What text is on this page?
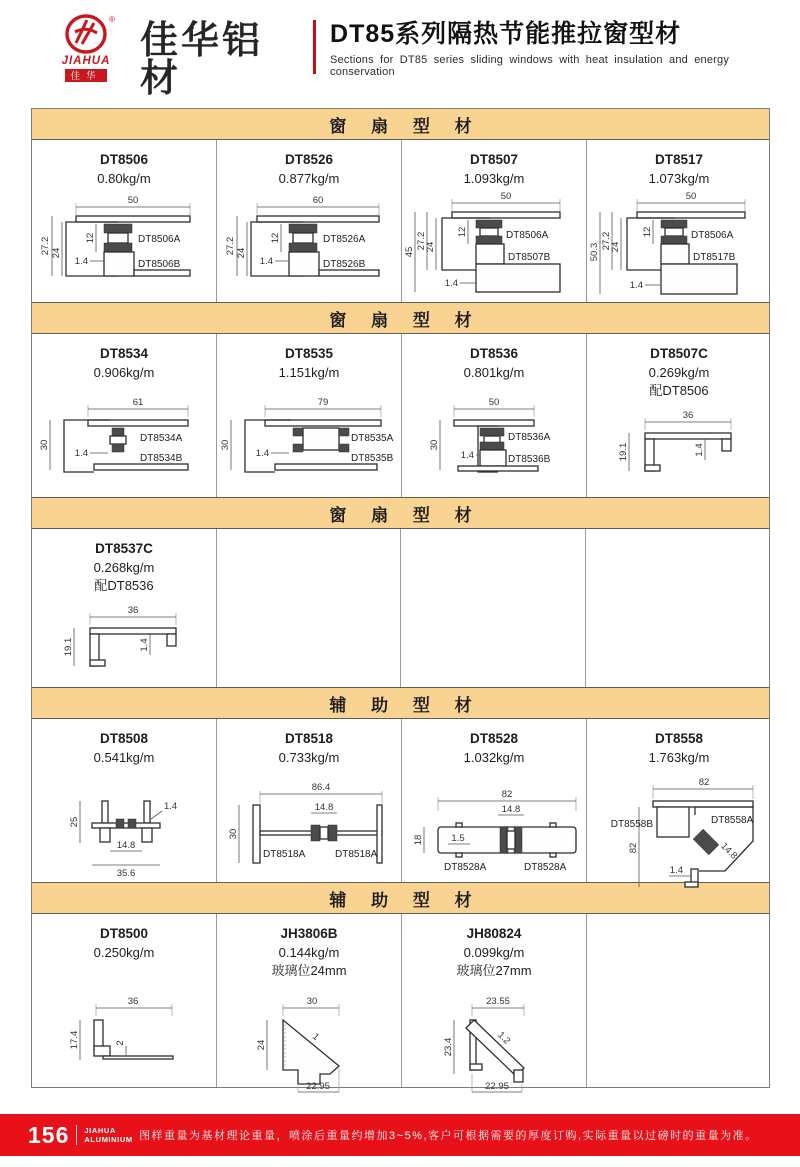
®
JIAHUA
佳华
佳华铝材
DT85系列隔热节能推拉窗型材
Sections for DT85 series sliding windows with heat insulation and energy conservation
窗 扇 型 材
DT8506
0.80kg/m
50
27.2 24
12
1.4
DT8506A
DT8506B
DT8526
0.877kg/m
60
27.2 24
12
1.4
DT8526A
DT8526B
DT8507
1.093kg/m
50
45
27.2
24
12
1.4
DT8506A
DT8507B
DT8517
1.073kg/m
50
50.3
27.2
24
12
1.4
DT8506A
DT8517B
窗 扇 型 材
DT8534
0.906kg/m
61
30
1.4
DT8534A
DT8534B
DT8535
1.151kg/m
79
30
1.4
DT8535A
DT8535B
DT8536
0.801kg/m
50
30
1.4
DT8536A
DT8536B
DT8507C
0.269kg/m
配DT8506
36
19.1	1.4
窗 扇 型 材
DT8537C
0.268kg/m
配DT8536
36
19.1	1.4
辅 助 型 材
DT8508
0.541kg/m
25
1.4
14.8
35.6
DT8518
0.733kg/m
86.4
14.8
30
DT8518A	DT8518A
DT8528
1.032kg/m
82
14.8
18	1.5
DT8528A	DT8528A
DT8558
1.763kg/m
82
82
DT8558B	DT8558A
14.8
1.4
辅 助 型 材
DT8500
0.250kg/m
36
17.4	2
JH3806B
0.144kg/m
玻璃位24mm
30
24
1
22.95
JH80824
0.099kg/m
玻璃位27mm
23.55
23.4	1.2
22.95
156 JIAHUA
ALUMINIUM 图样重量为基材理论重量，喷涂后重量约增加3~5%,客户可根据需要的厚度订购,实际重量以过磅时的重量为准。
